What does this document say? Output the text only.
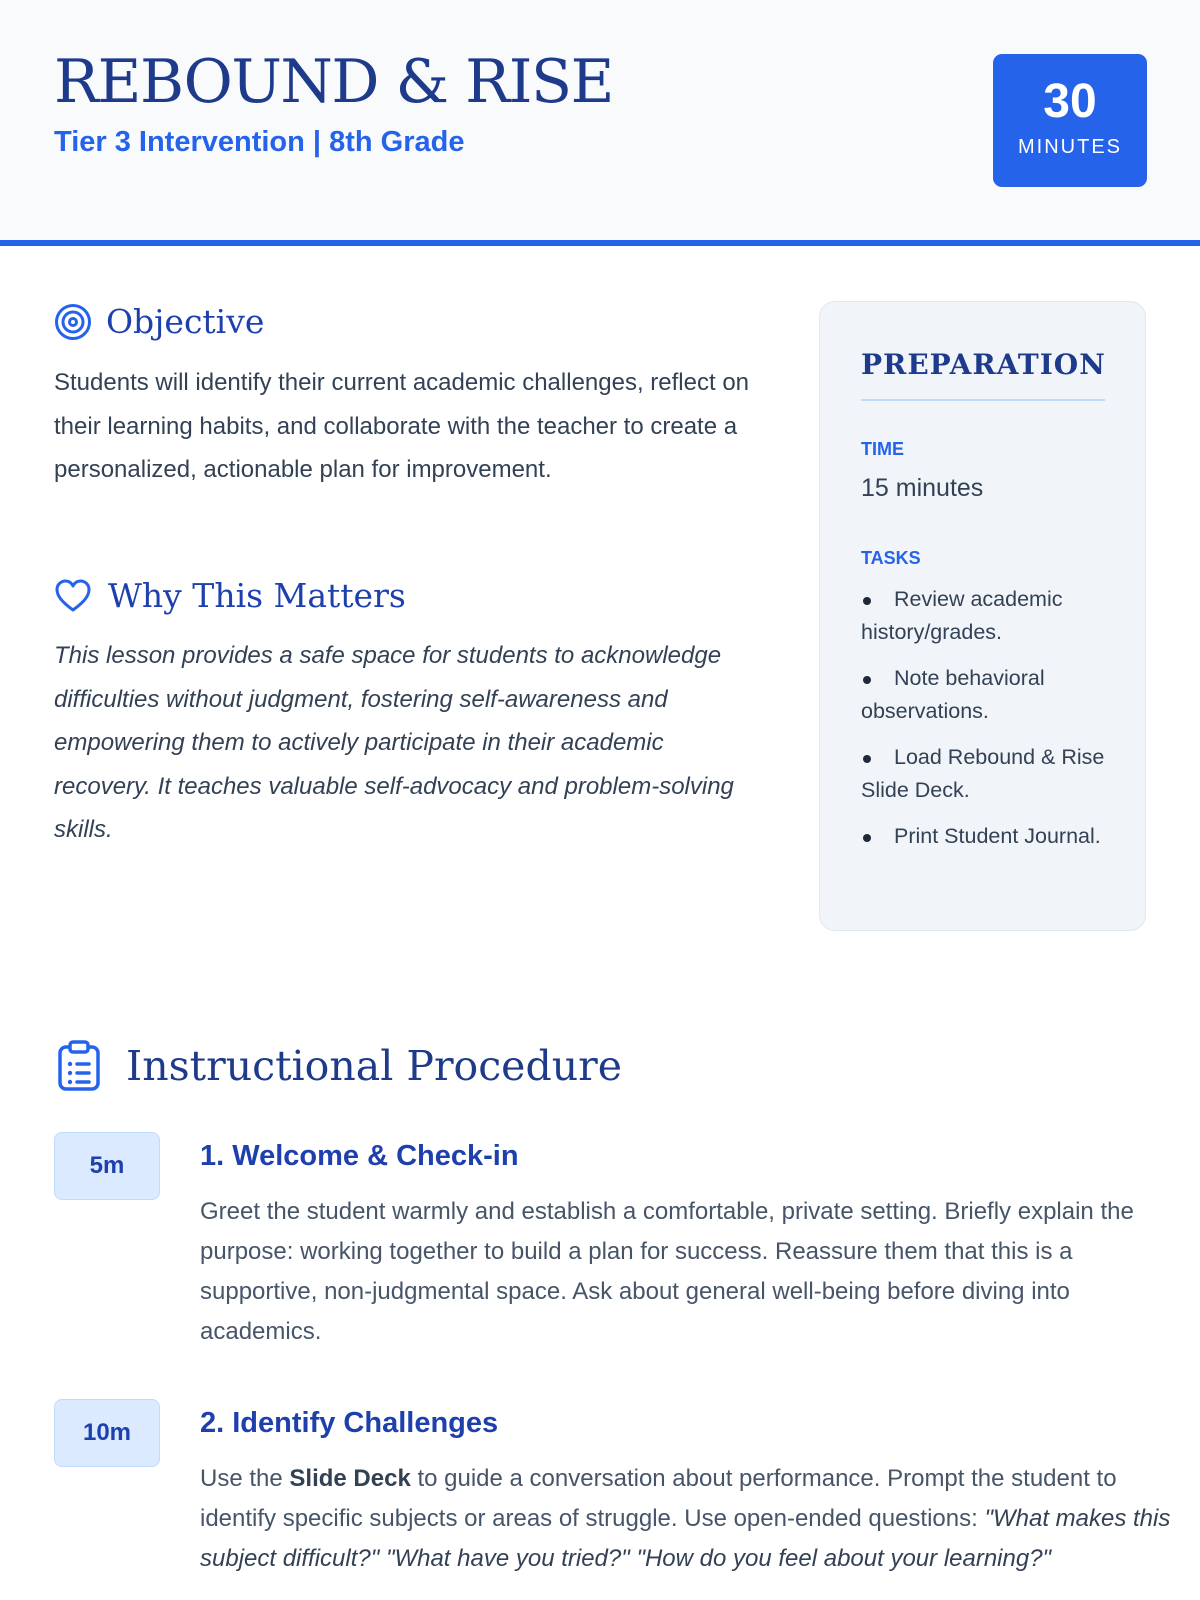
REBOUND & RISE
Tier 3 Intervention | 8th Grade
30
MINUTES
Objective

Students will identify their current academic challenges, reflect on their learning habits, and collaborate with the teacher to create a personalized, actionable plan for improvement.

Why This Matters

This lesson provides a safe space for students to acknowledge difficulties without judgment, fostering self-awareness and empowering them to actively participate in their academic recovery. It teaches valuable self-advocacy and problem-solving skills.

PREPARATION
TIME
15 minutes
TASKS
Review academic history/grades.
Note behavioral observations.
Load Rebound & Rise Slide Deck.
Print Student Journal.
Instructional Procedure
5m	1. Welcome & Check-in

Greet the student warmly and establish a comfortable, private setting. Briefly explain the purpose: working together to build a plan for success. Reassure them that this is a supportive, non-judgmental space. Ask about general well-being before diving into academics.

10m	2. Identify Challenges

Use the Slide Deck to guide a conversation about performance. Prompt the student to identify specific subjects or areas of struggle. Use open-ended questions: "What makes this subject difficult?" "What have you tried?" "How do you feel about your learning?"
